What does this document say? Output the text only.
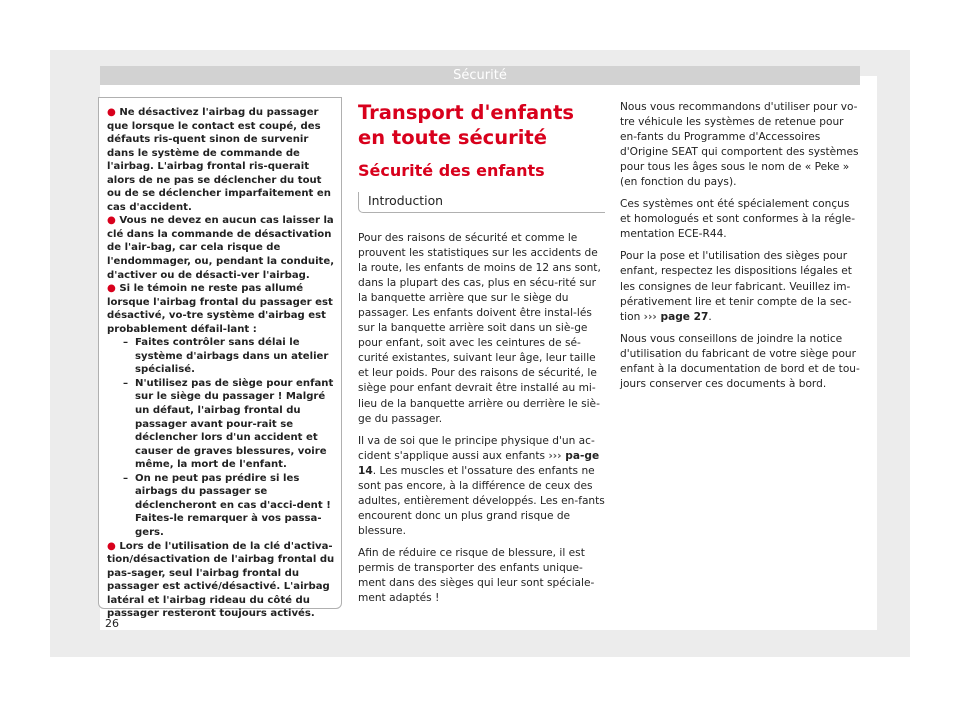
Sécurité

● Ne désactivez l'airbag du passager que lorsque le contact est coupé, des défauts ris-quent sinon de survenir dans le système de commande de l'airbag. L'airbag frontal ris-querait alors de ne pas se déclencher du tout ou de se déclencher imparfaitement en cas d'accident.

● Vous ne devez en aucun cas laisser la clé dans la commande de désactivation de l'air-bag, car cela risque de l'endommager, ou, pendant la conduite, d'activer ou de désacti-ver l'airbag.

● Si le témoin ne reste pas allumé lorsque l'airbag frontal du passager est désactivé, vo-tre système d'airbag est probablement défail-lant :

– Faites contrôler sans délai le système d'airbags dans un atelier spécialisé.

– N'utilisez pas de siège pour enfant sur le siège du passager ! Malgré un défaut, l'airbag frontal du passager avant pour-rait se déclencher lors d'un accident et causer de graves blessures, voire même, la mort de l'enfant.

– On ne peut pas prédire si les airbags du passager se déclencheront en cas d'acci-dent ! Faites-le remarquer à vos passa-gers.

● Lors de l'utilisation de la clé d'activa-tion/désactivation de l'airbag frontal du pas-sager, seul l'airbag frontal du passager est activé/désactivé. L'airbag latéral et l'airbag rideau du côté du passager resteront toujours activés.

Transport d'enfants en toute sécurité
Sécurité des enfants
Introduction

Pour des raisons de sécurité et comme le prouvent les statistiques sur les accidents de la route, les enfants de moins de 12 ans sont, dans la plupart des cas, plus en sécu-rité sur la banquette arrière que sur le siège du passager. Les enfants doivent être instal-lés sur la banquette arrière soit dans un siè-ge pour enfant, soit avec les ceintures de sé-curité existantes, suivant leur âge, leur taille et leur poids. Pour des raisons de sécurité, le siège pour enfant devrait être installé au mi-lieu de la banquette arrière ou derrière le siè-ge du passager.

Il va de soi que le principe physique d'un ac-cident s'applique aussi aux enfants ››› pa-ge 14. Les muscles et l'ossature des enfants ne sont pas encore, à la différence de ceux des adultes, entièrement développés. Les en-fants encourent donc un plus grand risque de blessure.

Afin de réduire ce risque de blessure, il est permis de transporter des enfants unique-ment dans des sièges qui leur sont spéciale-ment adaptés !

Nous vous recommandons d'utiliser pour vo-tre véhicule les systèmes de retenue pour en-fants du Programme d'Accessoires d'Origine SEAT qui comportent des systèmes pour tous les âges sous le nom de « Peke » (en fonction du pays).

Ces systèmes ont été spécialement conçus et homologués et sont conformes à la régle-mentation ECE-R44.

Pour la pose et l'utilisation des sièges pour enfant, respectez les dispositions légales et les consignes de leur fabricant. Veuillez im-pérativement lire et tenir compte de la sec-tion ››› page 27.

Nous vous conseillons de joindre la notice d'utilisation du fabricant de votre siège pour enfant à la documentation de bord et de tou-jours conserver ces documents à bord.

26
